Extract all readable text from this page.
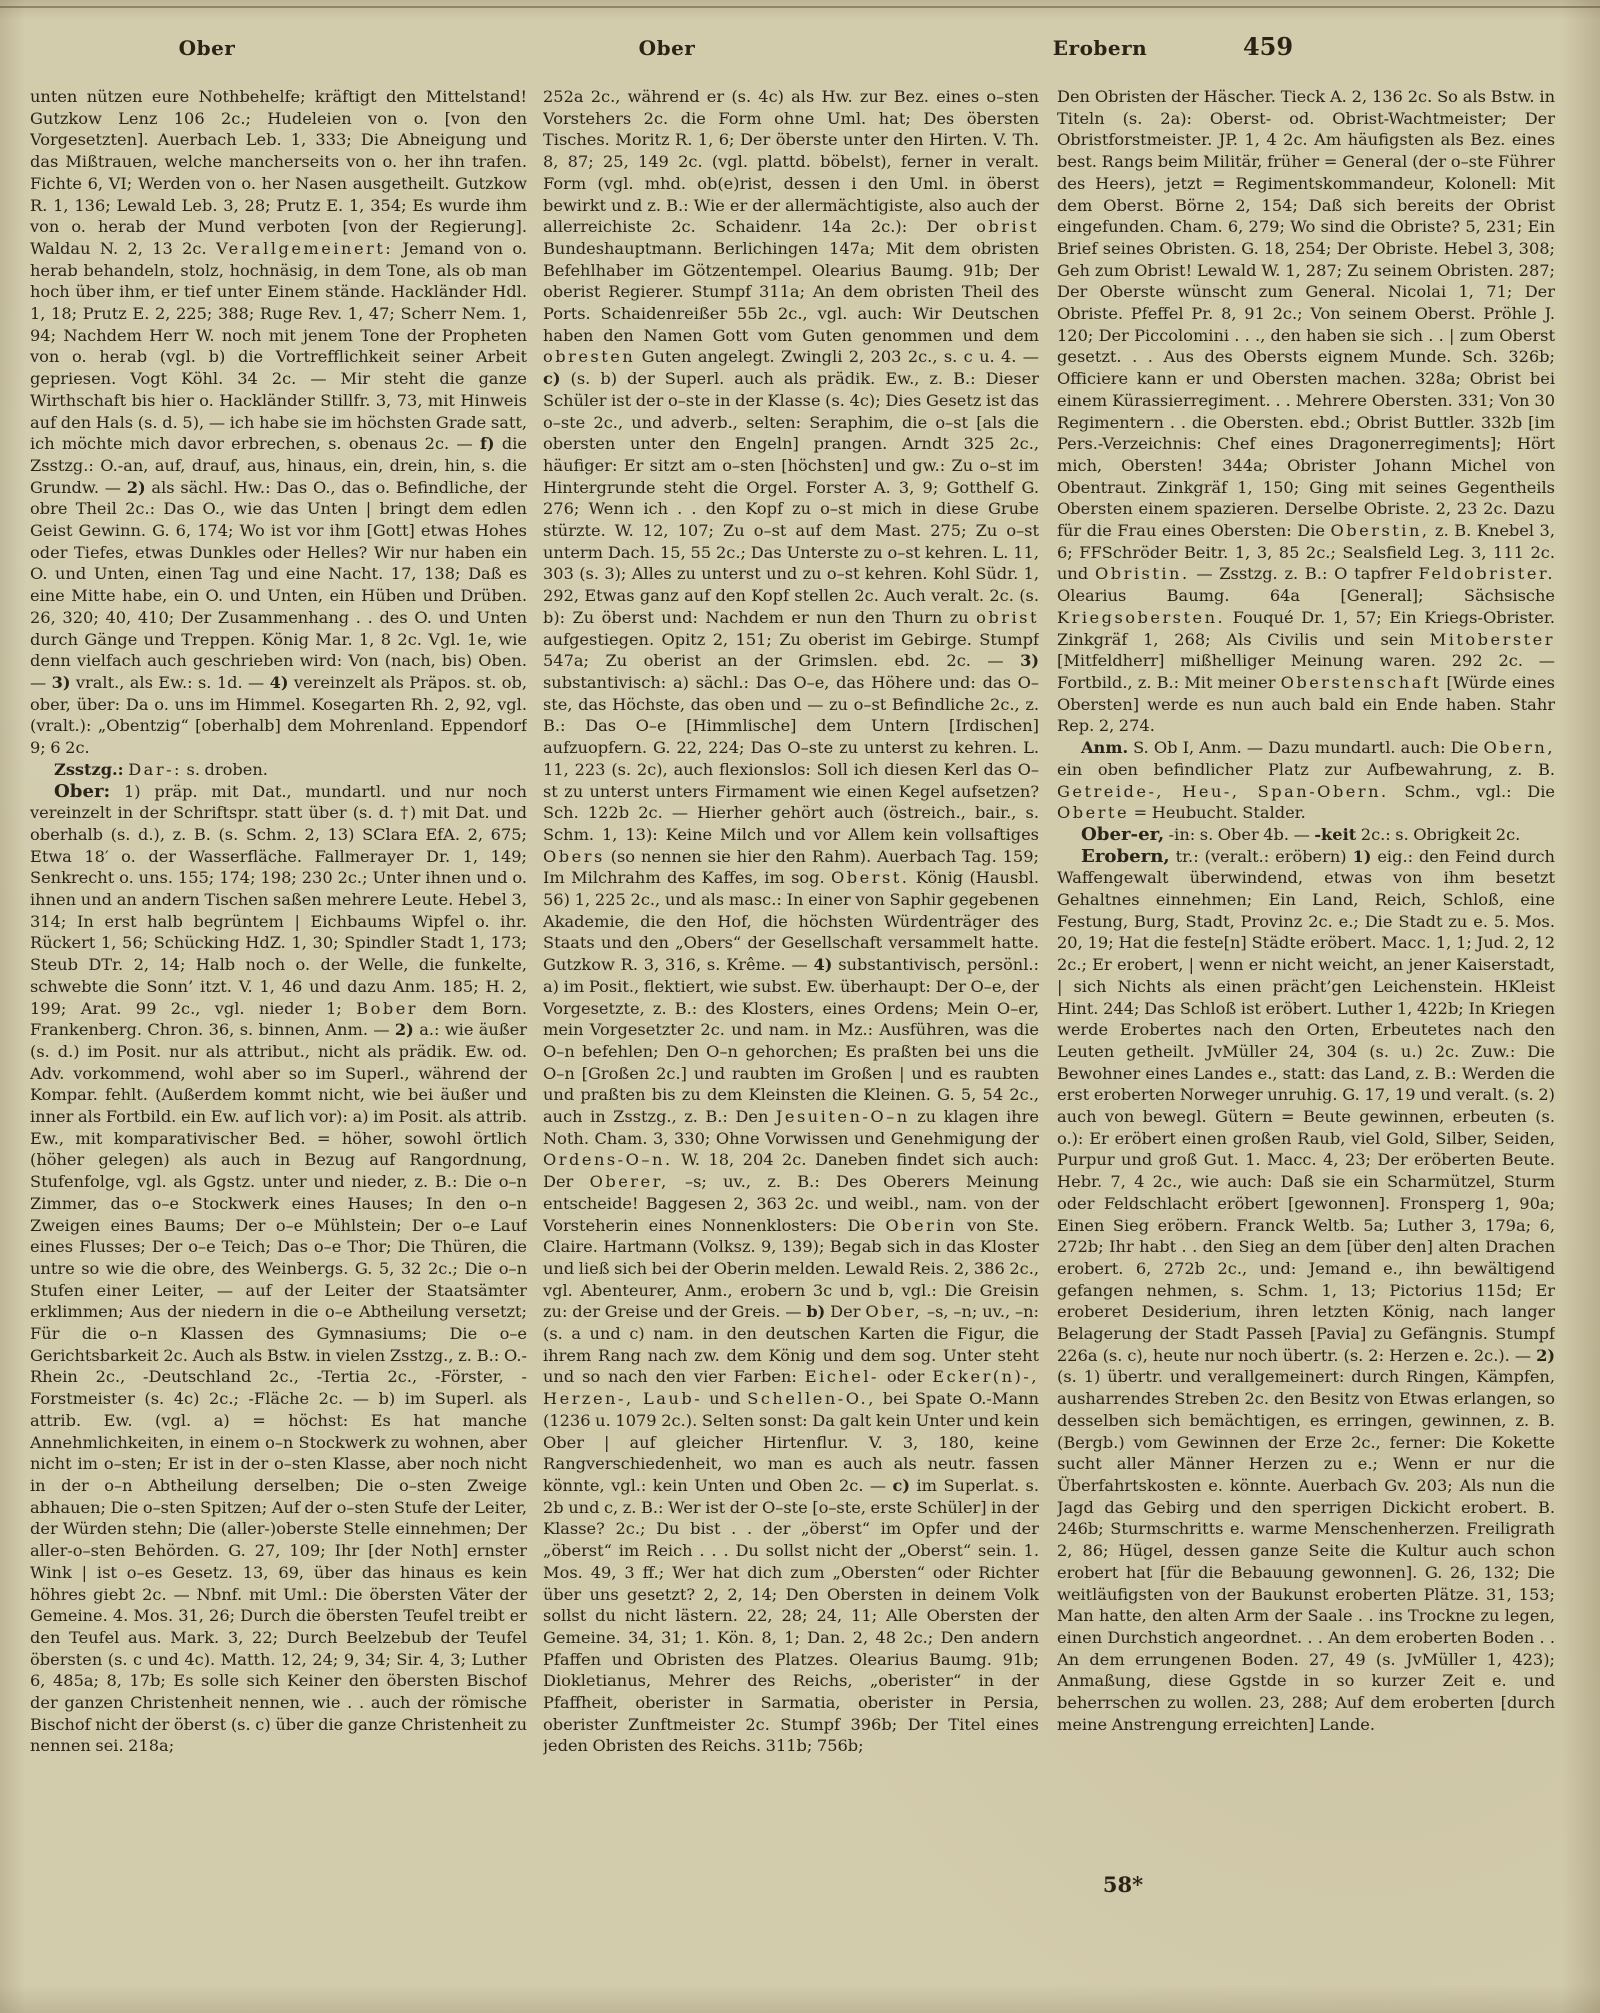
Ober	Ober	Erobern	459

unten nützen eure Nothbehelfe; kräftigt den Mittelstand! Gutzkow Lenz 106 2c.; Hudeleien von o. [von den Vorgesetzten]. Auerbach Leb. 1, 333; Die Abneigung und das Mißtrauen, welche mancherseits von o. her ihn trafen. Fichte 6, VI; Werden von o. her Nasen ausgetheilt. Gutzkow R. 1, 136; Lewald Leb. 3, 28; Prutz E. 1, 354; Es wurde ihm von o. herab der Mund verboten [von der Regierung]. Waldau N. 2, 13 2c. Verallgemeinert: Jemand von o. herab behandeln, stolz, hochnäsig, in dem Tone, als ob man hoch über ihm, er tief unter Einem stände. Hackländer Hdl. 1, 18; Prutz E. 2, 225; 388; Ruge Rev. 1, 47; Scherr Nem. 1, 94; Nachdem Herr W. noch mit jenem Tone der Propheten von o. herab (vgl. b) die Vortrefflichkeit seiner Arbeit gepriesen. Vogt Köhl. 34 2c. — Mir steht die ganze Wirthschaft bis hier o. Hackländer Stillfr. 3, 73, mit Hinweis auf den Hals (s. d. 5), — ich habe sie im höchsten Grade satt, ich möchte mich davor erbrechen, s. obenaus 2c. — f) die Zsstzg.: O.-an, auf, drauf, aus, hinaus, ein, drein, hin, s. die Grundw. — 2) als sächl. Hw.: Das O., das o. Befindliche, der obre Theil 2c.: Das O., wie das Unten | bringt dem edlen Geist Gewinn. G. 6, 174; Wo ist vor ihm [Gott] etwas Hohes oder Tiefes, etwas Dunkles oder Helles? Wir nur haben ein O. und Unten, einen Tag und eine Nacht. 17, 138; Daß es eine Mitte habe, ein O. und Unten, ein Hüben und Drüben. 26, 320; 40, 410; Der Zusammenhang . . des O. und Unten durch Gänge und Treppen. König Mar. 1, 8 2c. Vgl. 1e, wie denn vielfach auch geschrieben wird: Von (nach, bis) Oben. — 3) vralt., als Ew.: s. 1d. — 4) vereinzelt als Präpos. st. ob, ober, über: Da o. uns im Himmel. Kosegarten Rh. 2, 92, vgl. (vralt.): „Obentzig“ [oberhalb] dem Mohrenland. Eppendorf 9; 6 2c.

Zsstzg.: Dar-: s. droben.

Ober: 1) präp. mit Dat., mundartl. und nur noch vereinzelt in der Schriftspr. statt über (s. d. †) mit Dat. und oberhalb (s. d.), z. B. (s. Schm. 2, 13) SClara EfA. 2, 675; Etwa 18′ o. der Wasserfläche. Fallmerayer Dr. 1, 149; Senkrecht o. uns. 155; 174; 198; 230 2c.; Unter ihnen und o. ihnen und an andern Tischen saßen mehrere Leute. Hebel 3, 314; In erst halb begrüntem | Eichbaums Wipfel o. ihr. Rückert 1, 56; Schücking HdZ. 1, 30; Spindler Stadt 1, 173; Steub DTr. 2, 14; Halb noch o. der Welle, die funkelte, schwebte die Sonn’ itzt. V. 1, 46 und dazu Anm. 185; H. 2, 199; Arat. 99 2c., vgl. nieder 1; Bober dem Born. Frankenberg. Chron. 36, s. binnen, Anm. — 2) a.: wie äußer (s. d.) im Posit. nur als attribut., nicht als prädik. Ew. od. Adv. vorkommend, wohl aber so im Superl., während der Kompar. fehlt. (Außerdem kommt nicht, wie bei äußer und inner als Fortbild. ein Ew. auf lich vor): a) im Posit. als attrib. Ew., mit komparativischer Bed. = höher, sowohl örtlich (höher gelegen) als auch in Bezug auf Rangordnung, Stufenfolge, vgl. als Ggstz. unter und nieder, z. B.: Die o–n Zimmer, das o–e Stockwerk eines Hauses; In den o–n Zweigen eines Baums; Der o–e Mühlstein; Der o–e Lauf eines Flusses; Der o–e Teich; Das o–e Thor; Die Thüren, die untre so wie die obre, des Weinbergs. G. 5, 32 2c.; Die o–n Stufen einer Leiter, — auf der Leiter der Staatsämter erklimmen; Aus der niedern in die o–e Abtheilung versetzt; Für die o–n Klassen des Gymnasiums; Die o–e Gerichtsbarkeit 2c. Auch als Bstw. in vielen Zsstzg., z. B.: O.-Rhein 2c., -Deutschland 2c., -Tertia 2c., -Förster, -Forstmeister (s. 4c) 2c.; -Fläche 2c. — b) im Superl. als attrib. Ew. (vgl. a) = höchst: Es hat manche Annehmlichkeiten, in einem o–n Stockwerk zu wohnen, aber nicht im o–sten; Er ist in der o–sten Klasse, aber noch nicht in der o–n Abtheilung derselben; Die o–sten Zweige abhauen; Die o–sten Spitzen; Auf der o–sten Stufe der Leiter, der Würden stehn; Die (aller-)oberste Stelle einnehmen; Der aller-o–sten Behörden. G. 27, 109; Ihr [der Noth] ernster Wink | ist o–es Gesetz. 13, 69, über das hinaus es kein höhres giebt 2c. — Nbnf. mit Uml.: Die öbersten Väter der Gemeine. 4. Mos. 31, 26; Durch die öbersten Teufel treibt er den Teufel aus. Mark. 3, 22; Durch Beelzebub der Teufel öbersten (s. c und 4c). Matth. 12, 24; 9, 34; Sir. 4, 3; Luther 6, 485a; 8, 17b; Es solle sich Keiner den öbersten Bischof der ganzen Christenheit nennen, wie . . auch der römische Bischof nicht der öberst (s. c) über die ganze Christenheit zu nennen sei. 218a;

252a 2c., während er (s. 4c) als Hw. zur Bez. eines o–sten Vorstehers 2c. die Form ohne Uml. hat; Des öbersten Tisches. Moritz R. 1, 6; Der öberste unter den Hirten. V. Th. 8, 87; 25, 149 2c. (vgl. plattd. böbelst), ferner in veralt. Form (vgl. mhd. ob(e)rist, dessen i den Uml. in öberst bewirkt und z. B.: Wie er der allermächtigiste, also auch der allerreichiste 2c. Schaidenr. 14a 2c.): Der obrist Bundeshauptmann. Berlichingen 147a; Mit dem obristen Befehlhaber im Götzentempel. Olearius Baumg. 91b; Der oberist Regierer. Stumpf 311a; An dem obristen Theil des Ports. Schaidenreißer 55b 2c., vgl. auch: Wir Deutschen haben den Namen Gott vom Guten genommen und dem obresten Guten angelegt. Zwingli 2, 203 2c., s. c u. 4. — c) (s. b) der Superl. auch als prädik. Ew., z. B.: Dieser Schüler ist der o–ste in der Klasse (s. 4c); Dies Gesetz ist das o–ste 2c., und adverb., selten: Seraphim, die o–st [als die obersten unter den Engeln] prangen. Arndt 325 2c., häufiger: Er sitzt am o–sten [höchsten] und gw.: Zu o–st im Hintergrunde steht die Orgel. Forster A. 3, 9; Gotthelf G. 276; Wenn ich . . den Kopf zu o–st mich in diese Grube stürzte. W. 12, 107; Zu o–st auf dem Mast. 275; Zu o–st unterm Dach. 15, 55 2c.; Das Unterste zu o–st kehren. L. 11, 303 (s. 3); Alles zu unterst und zu o–st kehren. Kohl Südr. 1, 292, Etwas ganz auf den Kopf stellen 2c. Auch veralt. 2c. (s. b): Zu öberst und: Nachdem er nun den Thurn zu obrist aufgestiegen. Opitz 2, 151; Zu oberist im Gebirge. Stumpf 547a; Zu oberist an der Grimslen. ebd. 2c. — 3) substantivisch: a) sächl.: Das O–e, das Höhere und: das O–ste, das Höchste, das oben und — zu o–st Befindliche 2c., z. B.: Das O–e [Himmlische] dem Untern [Irdischen] aufzuopfern. G. 22, 224; Das O–ste zu unterst zu kehren. L. 11, 223 (s. 2c), auch flexionslos: Soll ich diesen Kerl das O–st zu unterst unters Firmament wie einen Kegel aufsetzen? Sch. 122b 2c. — Hierher gehört auch (östreich., bair., s. Schm. 1, 13): Keine Milch und vor Allem kein vollsaftiges Obers (so nennen sie hier den Rahm). Auerbach Tag. 159; Im Milchrahm des Kaffes, im sog. Oberst. König (Hausbl. 56) 1, 225 2c., und als masc.: In einer von Saphir gegebenen Akademie, die den Hof, die höchsten Würdenträger des Staats und den „Obers“ der Gesellschaft versammelt hatte. Gutzkow R. 3, 316, s. Krême. — 4) substantivisch, persönl.: a) im Posit., flektiert, wie subst. Ew. überhaupt: Der O–e, der Vorgesetzte, z. B.: des Klosters, eines Ordens; Mein O–er, mein Vorgesetzter 2c. und nam. in Mz.: Ausführen, was die O–n befehlen; Den O–n gehorchen; Es praßten bei uns die O–n [Großen 2c.] und raubten im Großen | und es raubten und praßten bis zu dem Kleinsten die Kleinen. G. 5, 54 2c., auch in Zsstzg., z. B.: Den Jesuiten-O–n zu klagen ihre Noth. Cham. 3, 330; Ohne Vorwissen und Genehmigung der Ordens-O–n. W. 18, 204 2c. Daneben findet sich auch: Der Oberer, –s; uv., z. B.: Des Oberers Meinung entscheide! Baggesen 2, 363 2c. und weibl., nam. von der Vorsteherin eines Nonnenklosters: Die Oberin von Ste. Claire. Hartmann (Volksz. 9, 139); Begab sich in das Kloster und ließ sich bei der Oberin melden. Lewald Reis. 2, 386 2c., vgl. Abenteurer, Anm., erobern 3c und b, vgl.: Die Greisin zu: der Greise und der Greis. — b) Der Ober, –s, –n; uv., –n: (s. a und c) nam. in den deutschen Karten die Figur, die ihrem Rang nach zw. dem König und dem sog. Unter steht und so nach den vier Farben: Eichel- oder Ecker(n)-, Herzen-, Laub- und Schellen-O., bei Spate O.-Mann (1236 u. 1079 2c.). Selten sonst: Da galt kein Unter und kein Ober | auf gleicher Hirtenflur. V. 3, 180, keine Rangverschiedenheit, wo man es auch als neutr. fassen könnte, vgl.: kein Unten und Oben 2c. — c) im Superlat. s. 2b und c, z. B.: Wer ist der O–ste [o–ste, erste Schüler] in der Klasse? 2c.; Du bist . . der „öberst“ im Opfer und der „öberst“ im Reich . . . Du sollst nicht der „Oberst“ sein. 1. Mos. 49, 3 ff.; Wer hat dich zum „Obersten“ oder Richter über uns gesetzt? 2, 2, 14; Den Obersten in deinem Volk sollst du nicht lästern. 22, 28; 24, 11; Alle Obersten der Gemeine. 34, 31; 1. Kön. 8, 1; Dan. 2, 48 2c.; Den andern Pfaffen und Obristen des Platzes. Olearius Baumg. 91b; Diokletianus, Mehrer des Reichs, „oberister“ in der Pfaffheit, oberister in Sarmatia, oberister in Persia, oberister Zunftmeister 2c. Stumpf 396b; Der Titel eines jeden Obristen des Reichs. 311b; 756b;

Den Obristen der Häscher. Tieck A. 2, 136 2c. So als Bstw. in Titeln (s. 2a): Oberst- od. Obrist-Wachtmeister; Der Obristforstmeister. JP. 1, 4 2c. Am häufigsten als Bez. eines best. Rangs beim Militär, früher = General (der o–ste Führer des Heers), jetzt = Regimentskommandeur, Kolonell: Mit dem Oberst. Börne 2, 154; Daß sich bereits der Obrist eingefunden. Cham. 6, 279; Wo sind die Obriste? 5, 231; Ein Brief seines Obristen. G. 18, 254; Der Obriste. Hebel 3, 308; Geh zum Obrist! Lewald W. 1, 287; Zu seinem Obristen. 287; Der Oberste wünscht zum General. Nicolai 1, 71; Der Obriste. Pfeffel Pr. 8, 91 2c.; Von seinem Oberst. Pröhle J. 120; Der Piccolomini . . ., den haben sie sich . . | zum Oberst gesetzt. . . Aus des Obersts eignem Munde. Sch. 326b; Officiere kann er und Obersten machen. 328a; Obrist bei einem Kürassierregiment. . . Mehrere Obersten. 331; Von 30 Regimentern . . die Obersten. ebd.; Obrist Buttler. 332b [im Pers.-Verzeichnis: Chef eines Dragonerregiments]; Hört mich, Obersten! 344a; Obrister Johann Michel von Obentraut. Zinkgräf 1, 150; Ging mit seines Gegentheils Obersten einem spazieren. Derselbe Obriste. 2, 23 2c. Dazu für die Frau eines Obersten: Die Oberstin, z. B. Knebel 3, 6; FFSchröder Beitr. 1, 3, 85 2c.; Sealsfield Leg. 3, 111 2c. und Obristin. — Zsstzg. z. B.: O tapfrer Feldobrister. Olearius Baumg. 64a [General]; Sächsische Kriegsobersten. Fouqué Dr. 1, 57; Ein Kriegs-Obrister. Zinkgräf 1, 268; Als Civilis und sein Mitoberster [Mitfeldherr] mißhelliger Meinung waren. 292 2c. — Fortbild., z. B.: Mit meiner Oberstenschaft [Würde eines Obersten] werde es nun auch bald ein Ende haben. Stahr Rep. 2, 274.

Anm. S. Ob I, Anm. — Dazu mundartl. auch: Die Obern, ein oben befindlicher Platz zur Aufbewahrung, z. B. Getreide-, Heu-, Span-Obern. Schm., vgl.: Die Oberte = Heubucht. Stalder.

Ober-er, -in: s. Ober 4b. — -keit 2c.: s. Obrigkeit 2c.

Erobern, tr.: (veralt.: eröbern) 1) eig.: den Feind durch Waffengewalt überwindend, etwas von ihm besetzt Gehaltnes einnehmen; Ein Land, Reich, Schloß, eine Festung, Burg, Stadt, Provinz 2c. e.; Die Stadt zu e. 5. Mos. 20, 19; Hat die feste[n] Städte eröbert. Macc. 1, 1; Jud. 2, 12 2c.; Er erobert, | wenn er nicht weicht, an jener Kaiserstadt, | sich Nichts als einen prächt’gen Leichenstein. HKleist Hint. 244; Das Schloß ist eröbert. Luther 1, 422b; In Kriegen werde Erobertes nach den Orten, Erbeutetes nach den Leuten getheilt. JvMüller 24, 304 (s. u.) 2c. Zuw.: Die Bewohner eines Landes e., statt: das Land, z. B.: Werden die erst eroberten Norweger unruhig. G. 17, 19 und veralt. (s. 2) auch von bewegl. Gütern = Beute gewinnen, erbeuten (s. o.): Er eröbert einen großen Raub, viel Gold, Silber, Seiden, Purpur und groß Gut. 1. Macc. 4, 23; Der eröberten Beute. Hebr. 7, 4 2c., wie auch: Daß sie ein Scharmützel, Sturm oder Feldschlacht eröbert [gewonnen]. Fronsperg 1, 90a; Einen Sieg eröbern. Franck Weltb. 5a; Luther 3, 179a; 6, 272b; Ihr habt . . den Sieg an dem [über den] alten Drachen erobert. 6, 272b 2c., und: Jemand e., ihn bewältigend gefangen nehmen, s. Schm. 1, 13; Pictorius 115d; Er eroberet Desiderium, ihren letzten König, nach langer Belagerung der Stadt Passeh [Pavia] zu Gefängnis. Stumpf 226a (s. c), heute nur noch übertr. (s. 2: Herzen e. 2c.). — 2) (s. 1) übertr. und verallgemeinert: durch Ringen, Kämpfen, ausharrendes Streben 2c. den Besitz von Etwas erlangen, so desselben sich bemächtigen, es erringen, gewinnen, z. B. (Bergb.) vom Gewinnen der Erze 2c., ferner: Die Kokette sucht aller Männer Herzen zu e.; Wenn er nur die Überfahrtskosten e. könnte. Auerbach Gv. 203; Als nun die Jagd das Gebirg und den sperrigen Dickicht erobert. B. 246b; Sturmschritts e. warme Menschenherzen. Freiligrath 2, 86; Hügel, dessen ganze Seite die Kultur auch schon erobert hat [für die Bebauung gewonnen]. G. 26, 132; Die weitläufigsten von der Baukunst eroberten Plätze. 31, 153; Man hatte, den alten Arm der Saale . . ins Trockne zu legen, einen Durchstich angeordnet. . . An dem eroberten Boden . . An dem errungenen Boden. 27, 49 (s. JvMüller 1, 423); Anmaßung, diese Ggstde in so kurzer Zeit e. und beherrschen zu wollen. 23, 288; Auf dem eroberten [durch meine Anstrengung erreichten] Lande.

58*
